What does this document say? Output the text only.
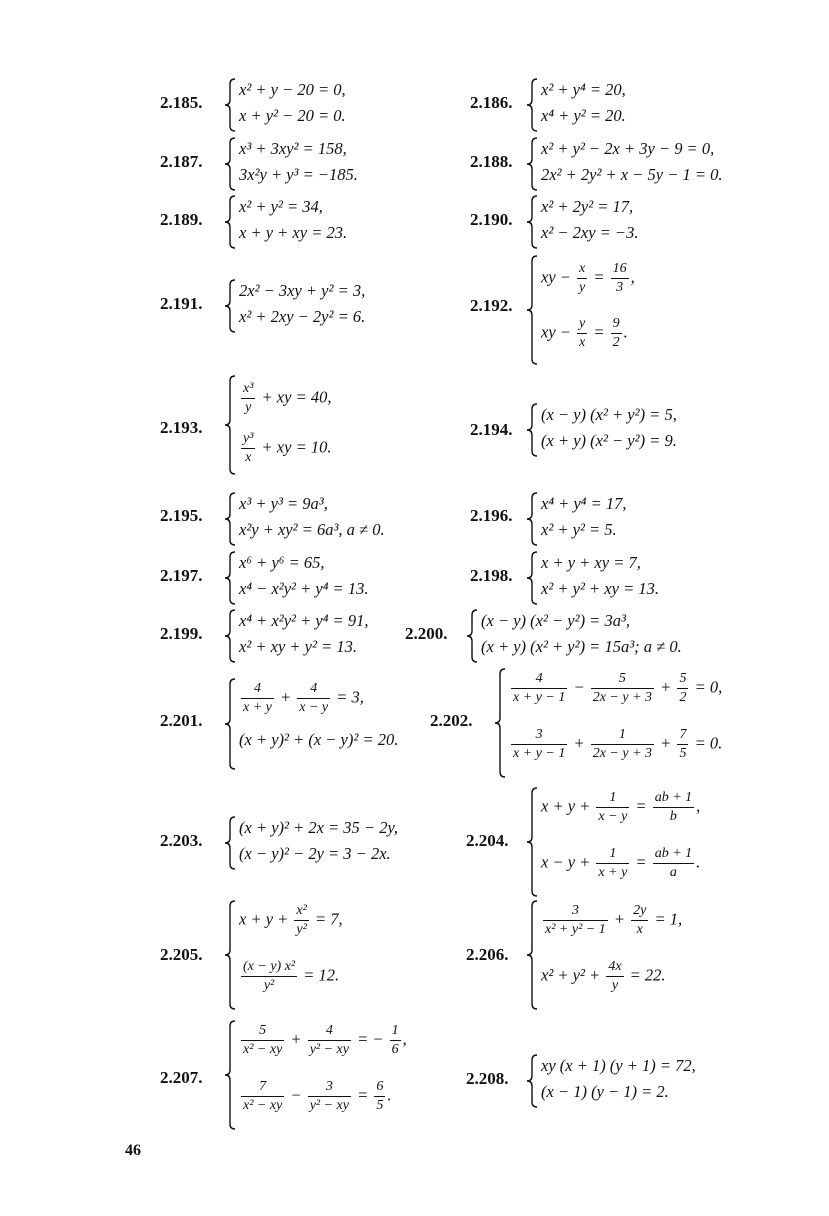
2.185.
x² + y − 20 = 0,
x + y² − 20 = 0.
2.186.
x² + y⁴ = 20,
x⁴ + y² = 20.
2.187.
x³ + 3xy² = 158,
3x²y + y³ = −185.
2.188.
x² + y² − 2x + 3y − 9 = 0,
2x² + 2y² + x − 5y − 1 = 0.
2.189.
x² + y² = 34,
x + y + xy = 23.
2.190.
x² + 2y² = 17,
x² − 2xy = −3.
2.191.
2x² − 3xy + y² = 3,
x² + 2xy − 2y² = 6.
2.192.
xy − $\frac{x}{y} = \frac{16}{3}$ ,
xy − $\frac{y}{x} = \frac{9}{2}$ .
2.193.
$\frac{\text{x³}}{y}$ + xy = 40,
$\frac{\text{y³}}{x}$ + xy = 10.
2.194.
(x − y) (x² + y²) = 5,
(x + y) (x² − y²) = 9.
2.195.
x³ + y³ = 9a³,
x²y + xy² = 6a³, a ≠ 0.
2.196.
x⁴ + y⁴ = 17,
x² + y² = 5.
2.197.
x⁶ + y⁶ = 65,
x⁴ − x²y² + y⁴ = 13.
2.198.
x + y + xy = 7,
x² + y² + xy = 13.
2.199.
x⁴ + x²y² + y⁴ = 91,
x² + xy + y² = 13.
2.200.
(x − y) (x² − y²) = 3a³,
(x + y) (x² + y²) = 15a³; a ≠ 0.
2.201.
$\frac{4}{x + y} + \frac{4}{x - y} = 3$,
(x + y)² + (x − y)² = 20.
2.202.
$\frac{4}{x + y - 1} - \frac{5}{2x - y + 3} + \frac{5}{2} = 0$,
$\frac{3}{x + y - 1} + \frac{1}{2x - y + 3} + \frac{7}{5} = 0$.
2.203.
(x + y)² + 2x = 35 − 2y,
(x − y)² − 2y = 3 − 2x.
2.204.
$x + y + \frac{1}{x - y} = \frac{ab + 1}{b}$ ,
$x - y + \frac{1}{x + y} = \frac{ab + 1}{a}$ .
2.205.
$x + y + \frac{\text{x²}}{\text{y²}} = 7$,
$\frac{\text{(x − y) x²}}{\text{y²}} = 12$.
2.206.
$\frac{3}{\text{x² + y² − 1}} + \frac{2y}{x} = 1$,
$x^2 + y^2 + \frac{4x}{y} = 22$.
2.207.
$\frac{5}{\text{x² − xy}} + \frac{4}{\text{y² − xy}}$ = − $\frac{1}{6}$ ,
$\frac{7}{\text{x² − xy}} - \frac{3}{\text{y² − xy}} = \frac{6}{5}$ .
2.208.
xy (x + 1) (y + 1) = 72,
(x − 1) (y − 1) = 2.
46
